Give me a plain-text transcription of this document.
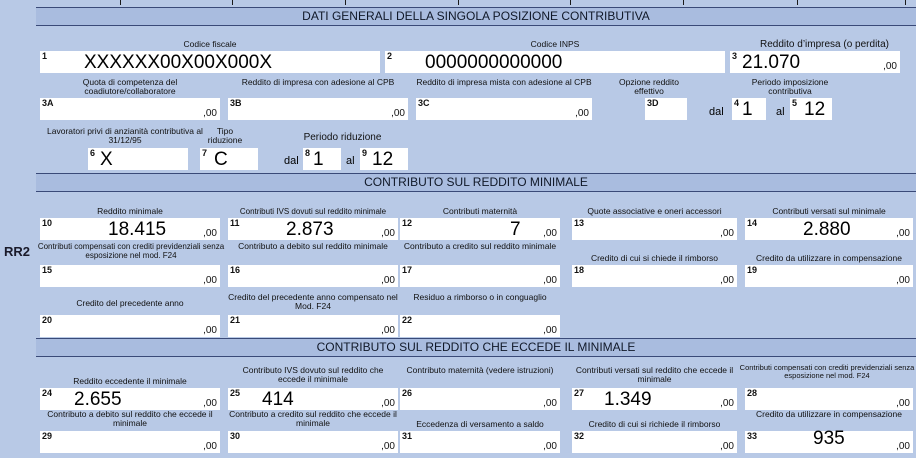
RR2
DATI GENERALI DELLA SINGOLA POSIZIONE CONTRIBUTIVA
Codice fiscale
1 XXXXXX00X00X000X
Codice INPS
2 0000000000000
Reddito d’impresa (o perdita)
3 21.070	,00
Quota di competenza del coadiutore/collaboratore
3A
,00
Reddito di impresa con adesione al CPB
3B
,00
Reddito di impresa mista con adesione al CPB
3C
,00
Opzione reddito effettivo
3D
Periodo imposizione contributiva
dal
4 1 al
5 12
Lavoratori privi di anzianità contributiva al 31/12/95
6 X
Tipo riduzione
7 C
Periodo riduzione
dal
8 1 al
9 12
CONTRIBUTO SUL REDDITO MINIMALE
Reddito minimale
10	18.415	,00
Contributi IVS dovuti sul reddito minimale
11 2.873	,00
Contributi maternità
12	7 ,00
Quote associative e oneri accessori
13
,00
Contributi versati sul minimale
14 2.880	,00
Contributi compensati con crediti previdenziali senza esposizione nel mod. F24
15
,00
Contributo a debito sul reddito minimale
16
,00
Contributo a credito sul reddito minimale
17
,00
Credito di cui si chiede il rimborso
18
,00
Credito da utilizzare in compensazione
19
,00
Credito del precedente anno
20
,00
Credito del precedente anno compensato nel Mod. F24
21
,00
Residuo a rimborso o in conguaglio
22
,00
CONTRIBUTO SUL REDDITO CHE ECCEDE IL MINIMALE
Reddito eccedente il minimale
24 2.655	,00
Contributo IVS dovuto sul reddito che eccede il minimale
25 414	,00
Contributo maternità (vedere istruzioni)
26
,00
Contributi versati sul reddito che eccede il minimale
27 1.349	,00
Contributi compensati con crediti previdenziali senza esposizione nel mod. F24
28
,00
Contributo a debito sul reddito che eccede il minimale
29
,00
Contributo a credito sul reddito che eccede il minimale
30
,00
Eccedenza di versamento a saldo
31
,00
Credito di cui si richiede il rimborso
32
,00
Credito da utilizzare in compensazione
33	935	,00
